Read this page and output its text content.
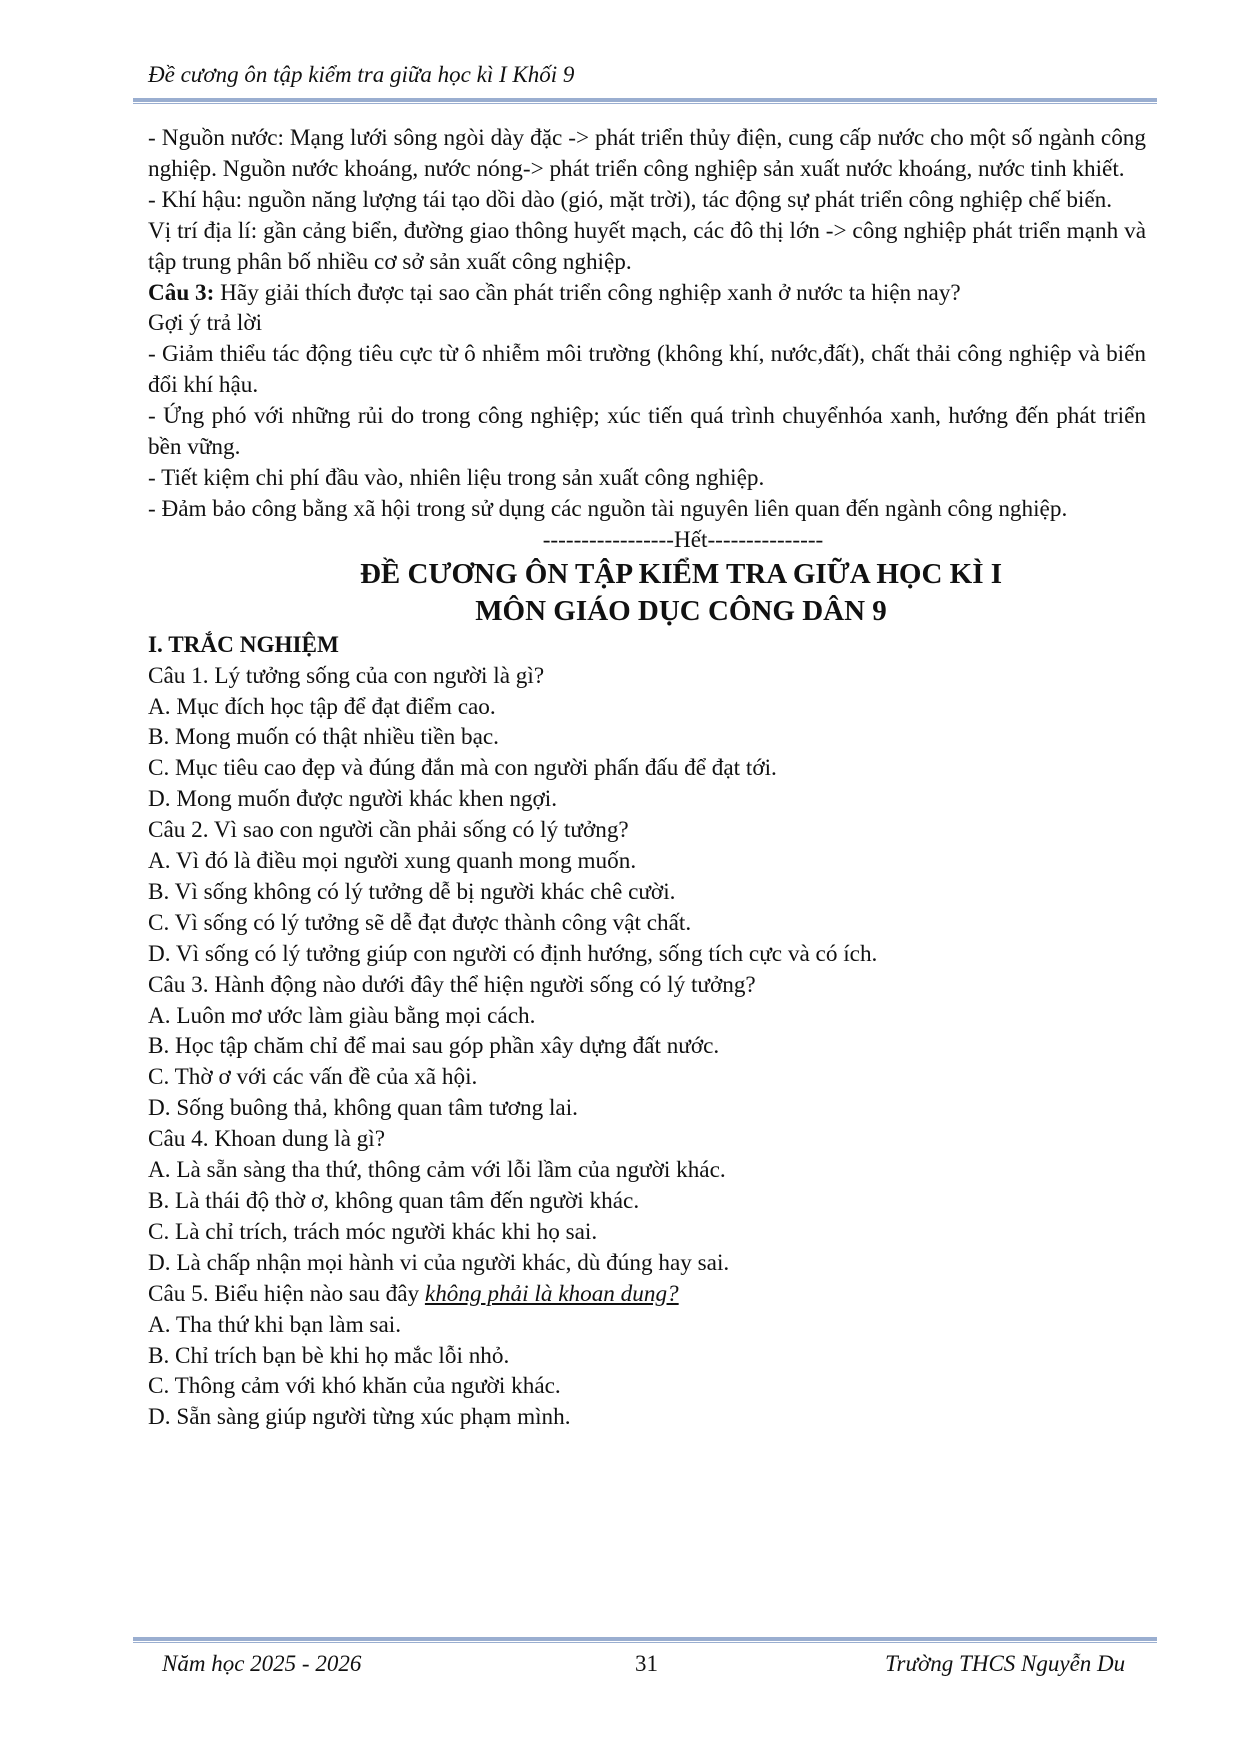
Đề cương ôn tập kiểm tra giữa học kì I Khối 9

- Nguồn nước: Mạng lưới sông ngòi dày đặc -> phát triển thủy điện, cung cấp nước cho một số ngành công nghiệp. Nguồn nước khoáng, nước nóng-> phát triển công nghiệp sản xuất nước khoáng, nước tinh khiết.

- Khí hậu: nguồn năng lượng tái tạo dồi dào (gió, mặt trời), tác động sự phát triển công nghiệp chế biến.

Vị trí địa lí: gần cảng biển, đường giao thông huyết mạch, các đô thị lớn -> công nghiệp phát triển mạnh và tập trung phân bố nhiều cơ sở sản xuất công nghiệp.

Câu 3: Hãy giải thích được tại sao cần phát triển công nghiệp xanh ở nước ta hiện nay?

Gợi ý trả lời

- Giảm thiểu tác động tiêu cực từ ô nhiễm môi trường (không khí, nước,đất), chất thải công nghiệp và biến đổi khí hậu.

- Ứng phó với những rủi do trong công nghiệp; xúc tiến quá trình chuyểnhóa xanh, hướng đến phát triển bền vững.

- Tiết kiệm chi phí đầu vào, nhiên liệu trong sản xuất công nghiệp.

- Đảm bảo công bằng xã hội trong sử dụng các nguồn tài nguyên liên quan đến ngành công nghiệp.

-----------------Hết---------------

ĐỀ CƯƠNG ÔN TẬP KIỂM TRA GIỮA HỌC KÌ I
MÔN GIÁO DỤC CÔNG DÂN 9

I. TRẮC NGHIỆM

Câu 1. Lý tưởng sống của con người là gì?

A. Mục đích học tập để đạt điểm cao.

B. Mong muốn có thật nhiều tiền bạc.

C. Mục tiêu cao đẹp và đúng đắn mà con người phấn đấu để đạt tới.

D. Mong muốn được người khác khen ngợi.

Câu 2. Vì sao con người cần phải sống có lý tưởng?

A. Vì đó là điều mọi người xung quanh mong muốn.

B. Vì sống không có lý tưởng dễ bị người khác chê cười.

C. Vì sống có lý tưởng sẽ dễ đạt được thành công vật chất.

D. Vì sống có lý tưởng giúp con người có định hướng, sống tích cực và có ích.

Câu 3. Hành động nào dưới đây thể hiện người sống có lý tưởng?

A. Luôn mơ ước làm giàu bằng mọi cách.

B. Học tập chăm chỉ để mai sau góp phần xây dựng đất nước.

C. Thờ ơ với các vấn đề của xã hội.

D. Sống buông thả, không quan tâm tương lai.

Câu 4. Khoan dung là gì?

A. Là sẵn sàng tha thứ, thông cảm với lỗi lầm của người khác.

B. Là thái độ thờ ơ, không quan tâm đến người khác.

C. Là chỉ trích, trách móc người khác khi họ sai.

D. Là chấp nhận mọi hành vi của người khác, dù đúng hay sai.

Câu 5. Biểu hiện nào sau đây không phải là khoan dung?

A. Tha thứ khi bạn làm sai.

B. Chỉ trích bạn bè khi họ mắc lỗi nhỏ.

C. Thông cảm với khó khăn của người khác.

D. Sẵn sàng giúp người từng xúc phạm mình.

Năm học 2025 - 2026	31	Trường THCS Nguyễn Du
